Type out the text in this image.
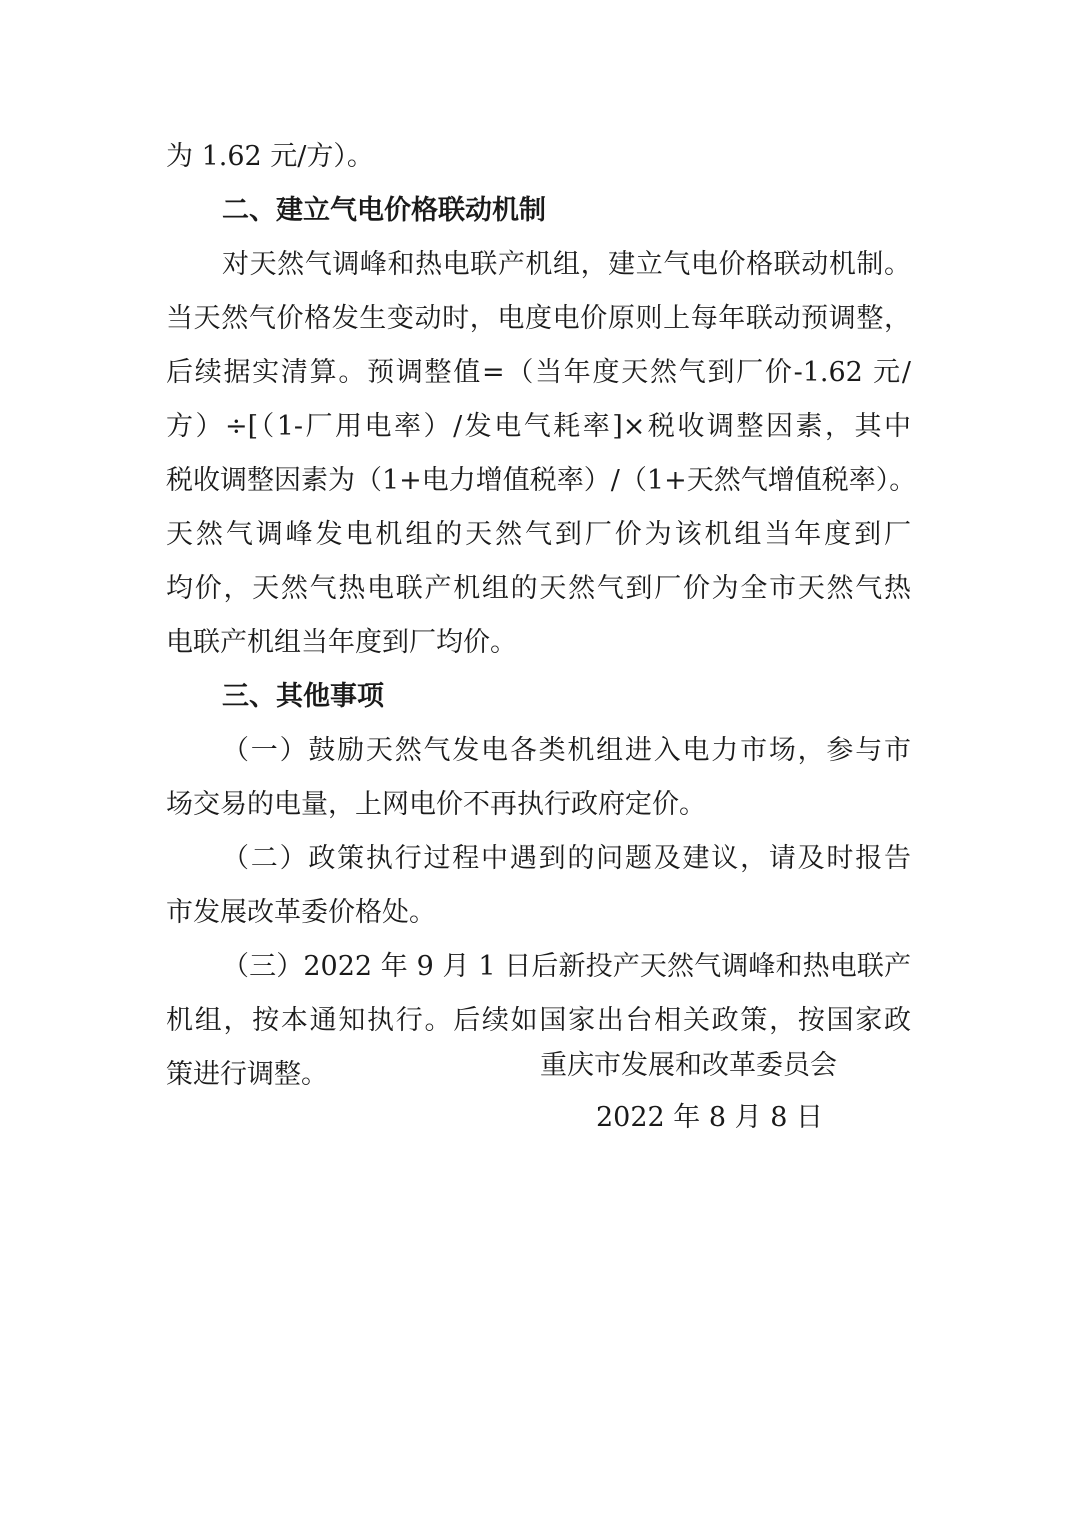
为 1.62 元/方）。
二、建立气电价格联动机制
对天然气调峰和热电联产机组，建立气电价格联动机制。
当天然气价格发生变动时，电度电价原则上每年联动预调整，
后续据实清算。预调整值=（当年度天然气到厂价-1.62 元/
方）÷[（1-厂用电率）/发电气耗率]×税收调整因素，其中
税收调整因素为（1+电力增值税率）/（1+天然气增值税率）。
天然气调峰发电机组的天然气到厂价为该机组当年度到厂
均价，天然气热电联产机组的天然气到厂价为全市天然气热
电联产机组当年度到厂均价。
三、其他事项
（一）鼓励天然气发电各类机组进入电力市场，参与市
场交易的电量，上网电价不再执行政府定价。
（二）政策执行过程中遇到的问题及建议，请及时报告
市发展改革委价格处。
（三）2022 年 9 月 1 日后新投产天然气调峰和热电联产
机组，按本通知执行。后续如国家出台相关政策，按国家政
策进行调整。	重庆市发展和改革委员会
2022 年 8 月 8 日
